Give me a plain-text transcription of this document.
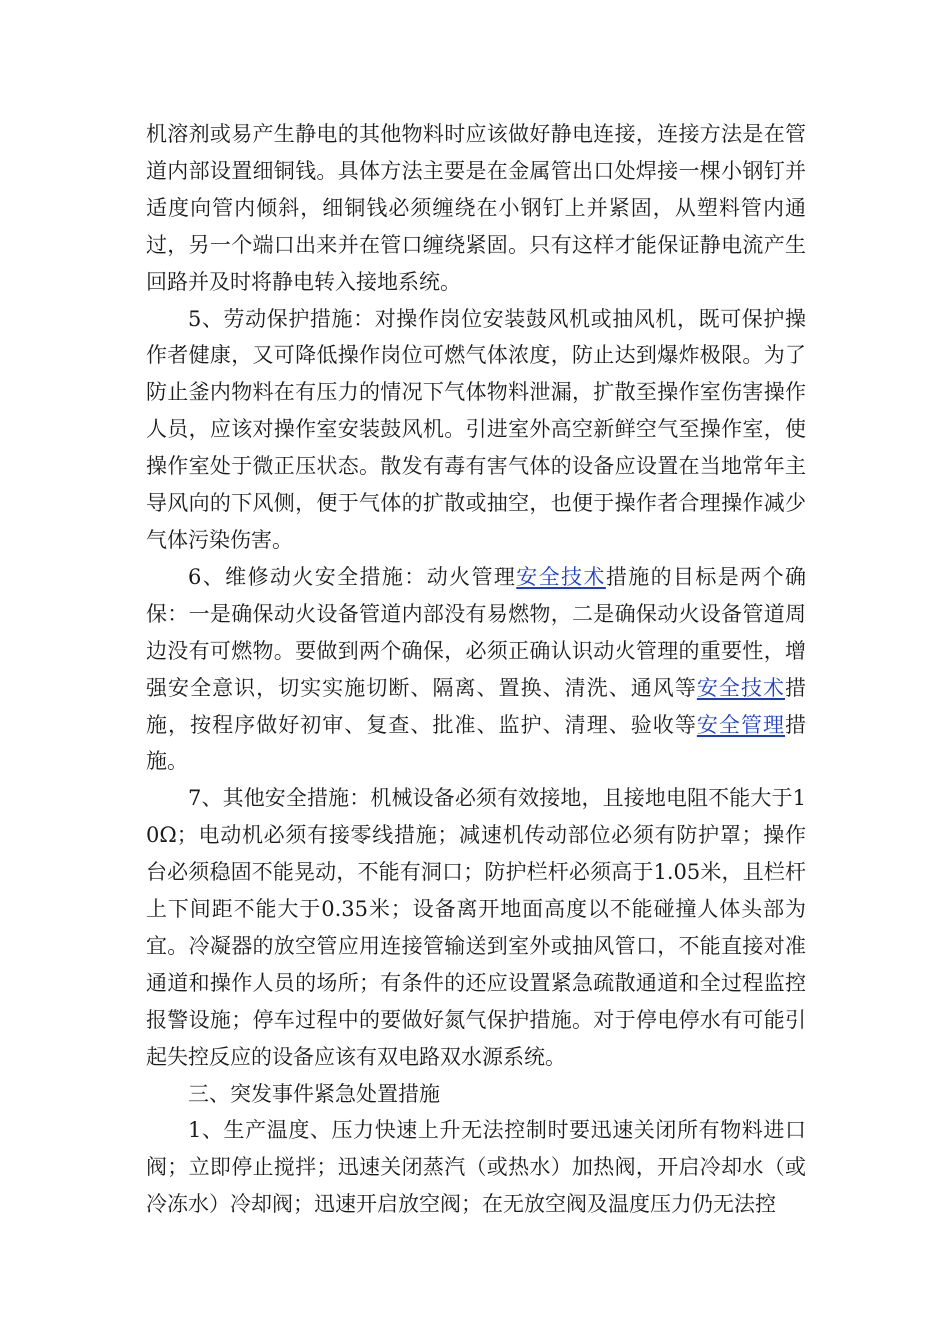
机溶剂或易产生静电的其他物料时应该做好静电连接，连接方法是在管道内部设置细铜钱。具体方法主要是在金属管出口处焊接一棵小钢钉并适度向管内倾斜，细铜钱必须缠绕在小钢钉上并紧固，从塑料管内通过，另一个端口出来并在管口缠绕紧固。只有这样才能保证静电流产生回路并及时将静电转入接地系统。

5、劳动保护措施：对操作岗位安装鼓风机或抽风机，既可保护操作者健康，又可降低操作岗位可燃气体浓度，防止达到爆炸极限。为了防止釜内物料在有压力的情况下气体物料泄漏，扩散至操作室伤害操作人员，应该对操作室安装鼓风机。引进室外高空新鲜空气至操作室，使操作室处于微正压状态。散发有毒有害气体的设备应设置在当地常年主导风向的下风侧，便于气体的扩散或抽空，也便于操作者合理操作减少气体污染伤害。

6、维修动火安全措施：动火管理安全技术措施的目标是两个确保：一是确保动火设备管道内部没有易燃物，二是确保动火设备管道周边没有可燃物。要做到两个确保，必须正确认识动火管理的重要性，增强安全意识，切实实施切断、隔离、置换、清洗、通风等安全技术措施，按程序做好初审、复查、批准、监护、清理、验收等安全管理措施。

7、其他安全措施：机械设备必须有效接地，且接地电阻不能大于10Ω；电动机必须有接零线措施；减速机传动部位必须有防护罩；操作台必须稳固不能晃动，不能有洞口；防护栏杆必须高于1.05米，且栏杆上下间距不能大于0.35米；设备离开地面高度以不能碰撞人体头部为宜。冷凝器的放空管应用连接管输送到室外或抽风管口，不能直接对准通道和操作人员的场所；有条件的还应设置紧急疏散通道和全过程监控报警设施；停车过程中的要做好氮气保护措施。对于停电停水有可能引起失控反应的设备应该有双电路双水源系统。

三、突发事件紧急处置措施

1、生产温度、压力快速上升无法控制时要迅速关闭所有物料进口阀；立即停止搅拌；迅速关闭蒸汽（或热水）加热阀，开启冷却水（或冷冻水）冷却阀；迅速开启放空阀；在无放空阀及温度压力仍无法控
